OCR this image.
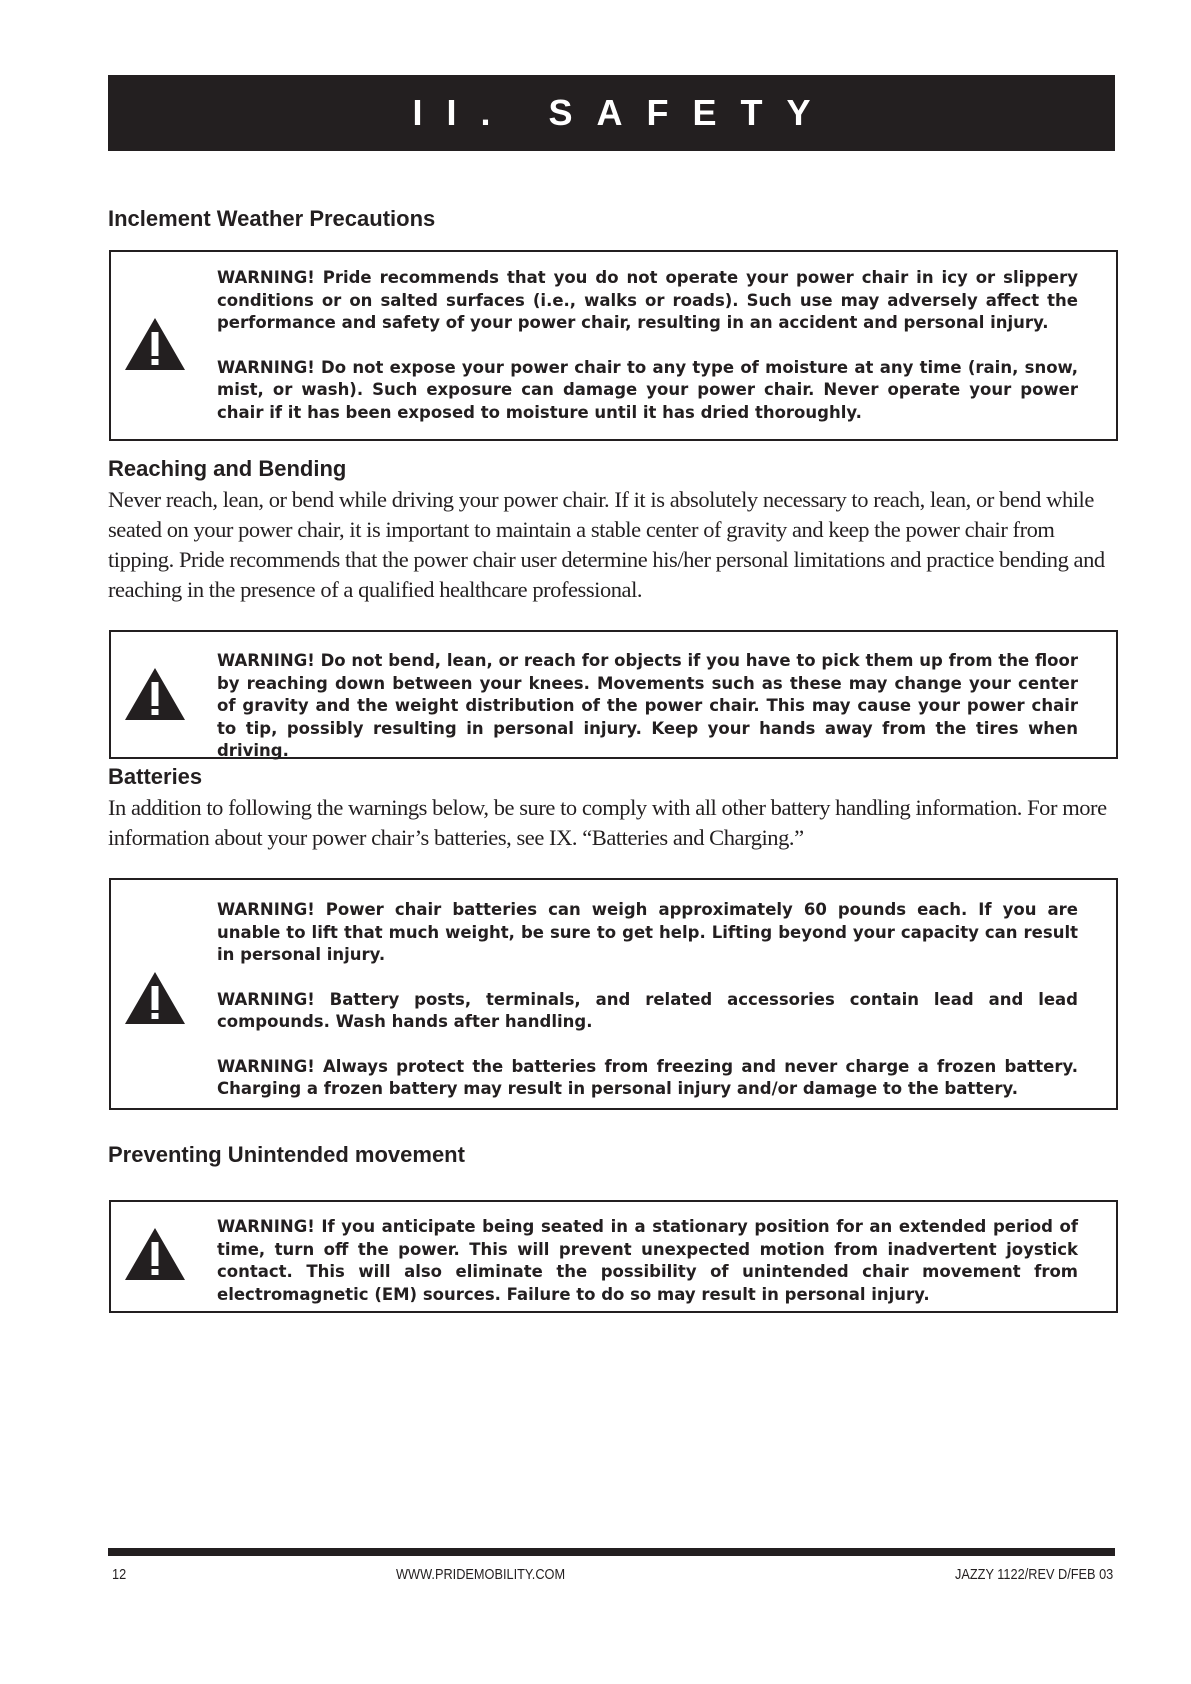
II. SAFETY
Inclement Weather Precautions

WARNING! Pride recommends that you do not operate your power chair in icy or slippery conditions or on salted surfaces (i.e., walks or roads). Such use may adversely affect the performance and safety of your power chair, resulting in an accident and personal injury.

WARNING! Do not expose your power chair to any type of moisture at any time (rain, snow, mist, or wash). Such exposure can damage your power chair. Never operate your power chair if it has been exposed to moisture until it has dried thoroughly.

Reaching and Bending

Never reach, lean, or bend while driving your power chair. If it is absolutely necessary to reach, lean, or bend while seated on your power chair, it is important to maintain a stable center of gravity and keep the power chair from tipping. Pride recommends that the power chair user determine his/her personal limitations and practice bending and reaching in the presence of a qualified healthcare professional.

WARNING! Do not bend, lean, or reach for objects if you have to pick them up from the floor by reaching down between your knees. Movements such as these may change your center of gravity and the weight distribution of the power chair. This may cause your power chair to tip, possibly resulting in personal injury. Keep your hands away from the tires when driving.

Batteries

In addition to following the warnings below, be sure to comply with all other battery handling information. For more information about your power chair’s batteries, see IX. “Batteries and Charging.”

WARNING! Power chair batteries can weigh approximately 60 pounds each. If you are unable to lift that much weight, be sure to get help. Lifting beyond your capacity can result in personal injury.

WARNING! Battery posts, terminals, and related accessories contain lead and lead compounds. Wash hands after handling.

WARNING! Always protect the batteries from freezing and never charge a frozen battery. Charging a frozen battery may result in personal injury and/or damage to the battery.

Preventing Unintended movement

WARNING! If you anticipate being seated in a stationary position for an extended period of time, turn off the power. This will prevent unexpected motion from inadvertent joystick contact. This will also eliminate the possibility of unintended chair movement from electromagnetic (EM) sources. Failure to do so may result in personal injury.

12	WWW.PRIDEMOBILITY.COM	JAZZY 1122/REV D/FEB 03
